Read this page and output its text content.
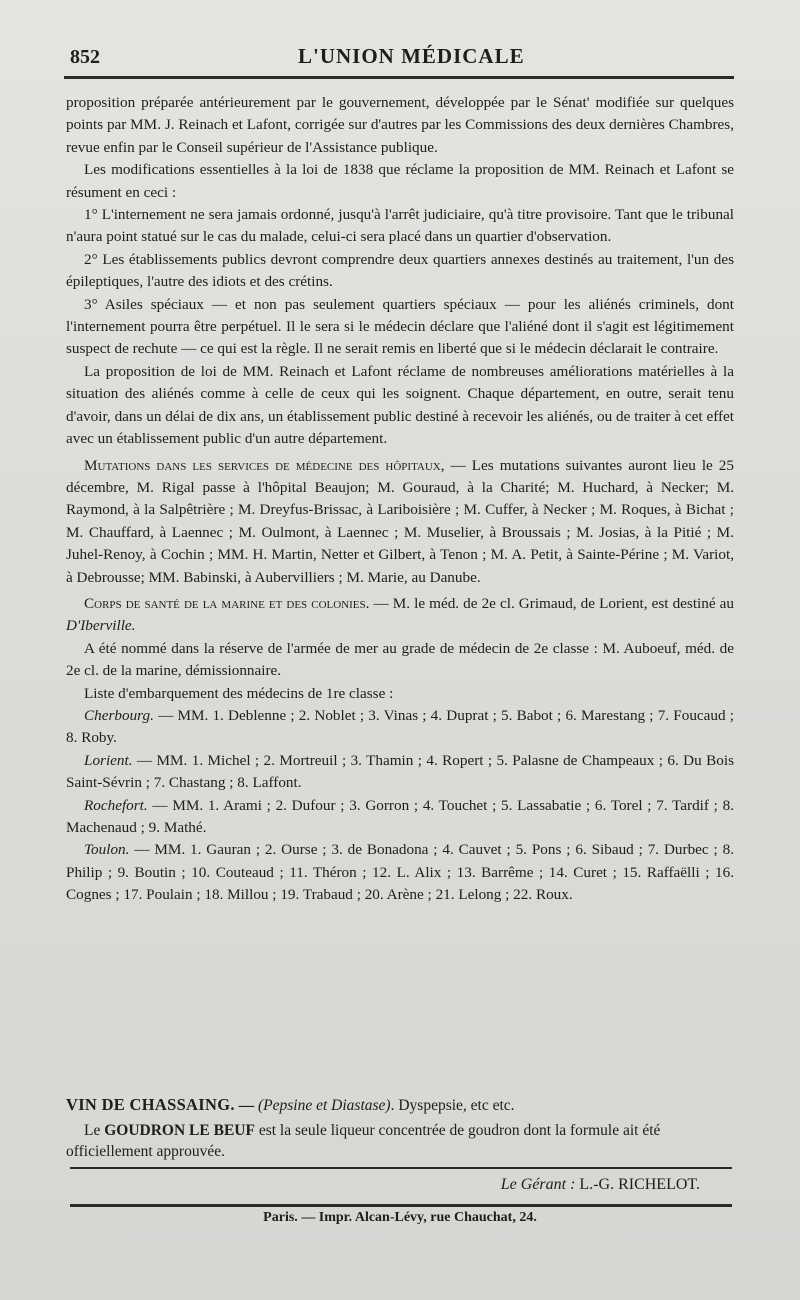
852	L'UNION MÉDICALE

proposition préparée antérieurement par le gouvernement, développée par le Sénat' modifiée sur quelques points par MM. J. Reinach et Lafont, corrigée sur d'autres par les Commissions des deux dernières Chambres, revue enfin par le Conseil supérieur de l'Assistance publique.

Les modifications essentielles à la loi de 1838 que réclame la proposition de MM. Reinach et Lafont se résument en ceci :

1° L'internement ne sera jamais ordonné, jusqu'à l'arrêt judiciaire, qu'à titre provisoire. Tant que le tribunal n'aura point statué sur le cas du malade, celui-ci sera placé dans un quartier d'observation.

2° Les établissements publics devront comprendre deux quartiers annexes destinés au traitement, l'un des épileptiques, l'autre des idiots et des crétins.

3° Asiles spéciaux — et non pas seulement quartiers spéciaux — pour les aliénés criminels, dont l'internement pourra être perpétuel. Il le sera si le médecin déclare que l'aliéné dont il s'agit est légitimement suspect de rechute — ce qui est la règle. Il ne serait remis en liberté que si le médecin déclarait le contraire.

La proposition de loi de MM. Reinach et Lafont réclame de nombreuses améliorations matérielles à la situation des aliénés comme à celle de ceux qui les soignent. Chaque département, en outre, serait tenu d'avoir, dans un délai de dix ans, un établissement public destiné à recevoir les aliénés, ou de traiter à cet effet avec un établissement public d'un autre département.

Mutations dans les services de médecine des hôpitaux, — Les mutations suivantes auront lieu le 25 décembre, M. Rigal passe à l'hôpital Beaujon; M. Gouraud, à la Charité; M. Huchard, à Necker; M. Raymond, à la Salpêtrière ; M. Dreyfus-Brissac, à Lariboisière ; M. Cuffer, à Necker ; M. Roques, à Bichat ; M. Chauffard, à Laennec ; M. Oulmont, à Laennec ; M. Muselier, à Broussais ; M. Josias, à la Pitié ; M. Juhel-Renoy, à Cochin ; MM. H. Martin, Netter et Gilbert, à Tenon ; M. A. Petit, à Sainte-Périne ; M. Variot, à Debrousse; MM. Babinski, à Aubervilliers ; M. Marie, au Danube.

Corps de santé de la marine et des colonies. — M. le méd. de 2e cl. Grimaud, de Lorient, est destiné au D'Iberville.

A été nommé dans la réserve de l'armée de mer au grade de médecin de 2e classe : M. Auboeuf, méd. de 2e cl. de la marine, démissionnaire.

Liste d'embarquement des médecins de 1re classe :

Cherbourg. — MM. 1. Deblenne ; 2. Noblet ; 3. Vinas ; 4. Duprat ; 5. Babot ; 6. Marestang ; 7. Foucaud ; 8. Roby.

Lorient. — MM. 1. Michel ; 2. Mortreuil ; 3. Thamin ; 4. Ropert ; 5. Palasne de Champeaux ; 6. Du Bois Saint-Sévrin ; 7. Chastang ; 8. Laffont.

Rochefort. — MM. 1. Arami ; 2. Dufour ; 3. Gorron ; 4. Touchet ; 5. Lassabatie ; 6. Torel ; 7. Tardif ; 8. Machenaud ; 9. Mathé.

Toulon. — MM. 1. Gauran ; 2. Ourse ; 3. de Bonadona ; 4. Cauvet ; 5. Pons ; 6. Sibaud ; 7. Durbec ; 8. Philip ; 9. Boutin ; 10. Couteaud ; 11. Théron ; 12. L. Alix ; 13. Barrême ; 14. Curet ; 15. Raffaëlli ; 16. Cognes ; 17. Poulain ; 18. Millou ; 19. Trabaud ; 20. Arène ; 21. Lelong ; 22. Roux.

VIN DE CHASSAING. — (Pepsine et Diastase). Dyspepsie, etc etc.

Le GOUDRON LE BEUF est la seule liqueur concentrée de goudron dont la formule ait été officiellement approuvée.

Le Gérant : L.-G. RICHELOT.
Paris. — Impr. Alcan-Lévy, rue Chauchat, 24.
